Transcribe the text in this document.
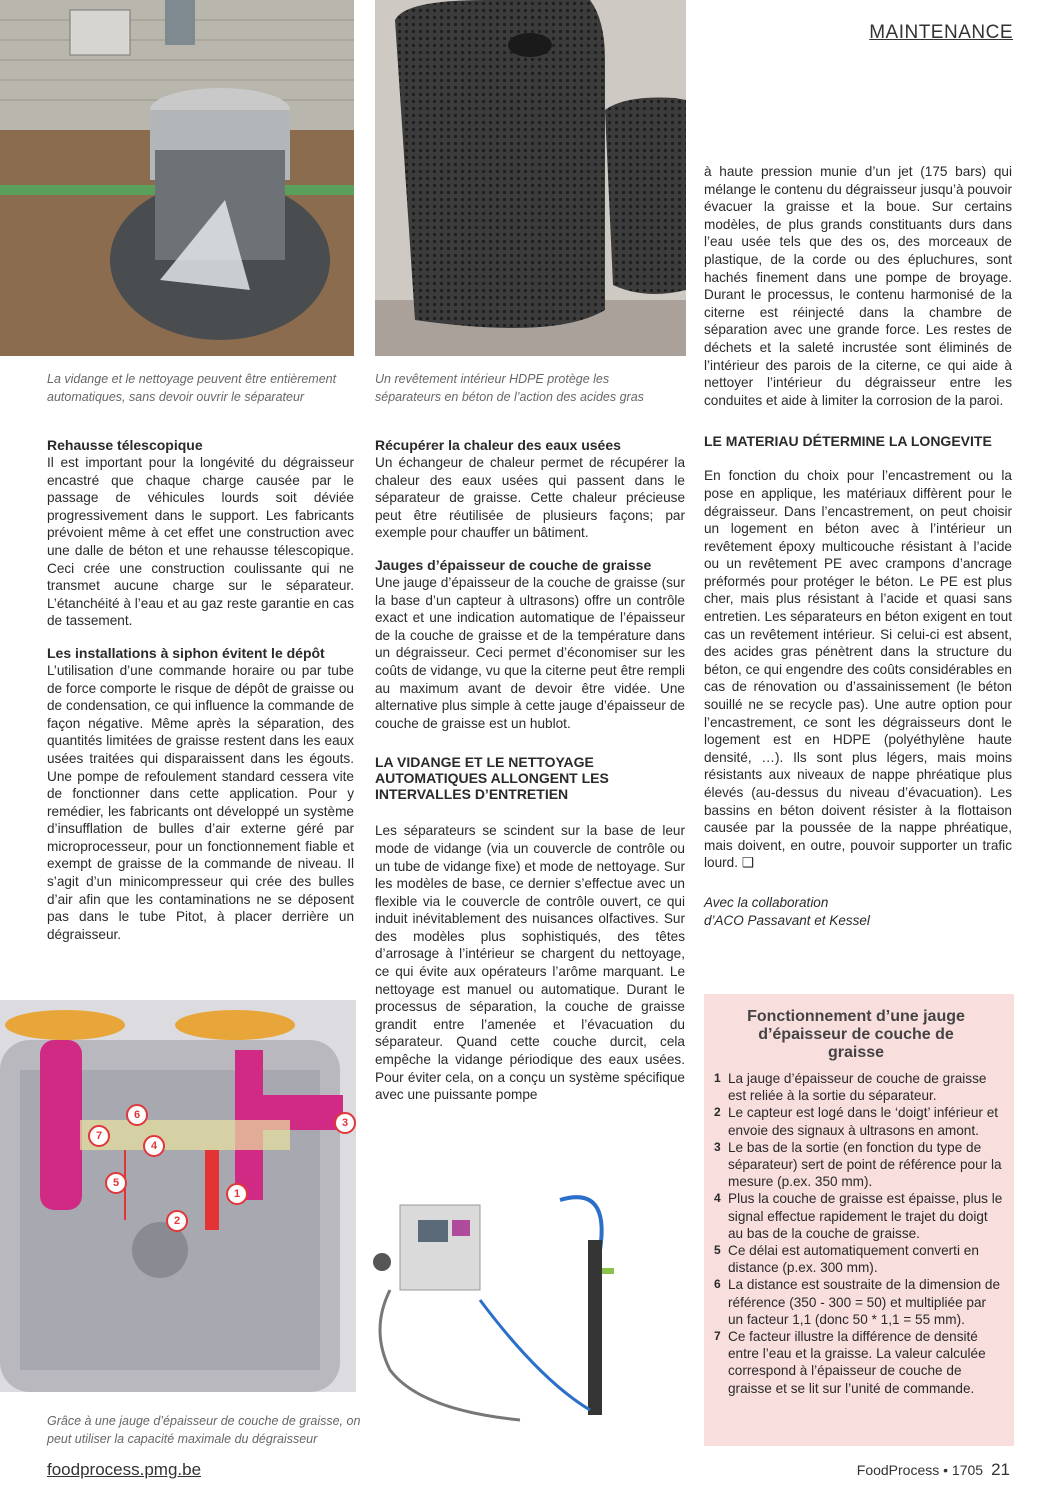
MAINTENANCE
La vidange et le nettoyage peuvent être entièrement automatiques, sans devoir ouvrir le séparateur
Un revêtement intérieur HDPE protège les séparateurs en béton de l’action des acides gras
Rehausse télescopique

Il est important pour la longévité du dégraisseur encastré que chaque charge causée par le passage de véhicules lourds soit déviée progressivement dans le support. Les fabricants prévoient même à cet effet une construction avec une dalle de béton et une rehausse télescopique. Ceci crée une construction coulissante qui ne transmet aucune charge sur le séparateur. L’étanchéité à l’eau et au gaz reste garantie en cas de tassement.

Les installations à siphon évitent le dépôt

L’utilisation d’une commande horaire ou par tube de force comporte le risque de dépôt de graisse ou de condensation, ce qui influence la commande de façon négative. Même après la séparation, des quantités limitées de graisse restent dans les eaux usées traitées qui disparaissent dans les égouts. Une pompe de refoulement standard cessera vite de fonctionner dans cette application. Pour y remédier, les fabricants ont développé un système d’insufflation de bulles d’air externe géré par microprocesseur, pour un fonctionnement fiable et exempt de graisse de la commande de niveau. Il s’agit d’un minicompresseur qui crée des bulles d’air afin que les contaminations ne se déposent pas dans le tube Pitot, à placer derrière un dégraisseur.

Récupérer la chaleur des eaux usées

Un échangeur de chaleur permet de récupérer la chaleur des eaux usées qui passent dans le séparateur de graisse. Cette chaleur précieuse peut être réutilisée de plusieurs façons; par exemple pour chauffer un bâtiment.

Jauges d’épaisseur de couche de graisse

Une jauge d’épaisseur de la couche de graisse (sur la base d’un capteur à ultrasons) offre un contrôle exact et une indication automatique de l’épaisseur de la couche de graisse et de la température dans un dégraisseur. Ceci permet d’économiser sur les coûts de vidange, vu que la citerne peut être rempli au maximum avant de devoir être vidée. Une alternative plus simple à cette jauge d’épaisseur de couche de graisse est un hublot.

LA VIDANGE ET LE NETTOYAGE AUTOMATIQUES ALLONGENT LES INTERVALLES D’ENTRETIEN

Les séparateurs se scindent sur la base de leur mode de vidange (via un couvercle de contrôle ou un tube de vidange fixe) et mode de nettoyage. Sur les modèles de base, ce dernier s’effectue avec un flexible via le couvercle de contrôle ouvert, ce qui induit inévitablement des nuisances olfactives. Sur des modèles plus sophistiqués, des têtes d’arrosage à l’intérieur se chargent du nettoyage, ce qui évite aux opérateurs l’arôme marquant. Le nettoyage est manuel ou automatique. Durant le processus de séparation, la couche de graisse grandit entre l’amenée et l’évacuation du séparateur. Quand cette couche durcit, cela empêche la vidange périodique des eaux usées. Pour éviter cela, on a conçu un système spécifique avec une puissante pompe

à haute pression munie d’un jet (175 bars) qui mélange le contenu du dégraisseur jusqu’à pouvoir évacuer la graisse et la boue. Sur certains modèles, de plus grands constituants durs dans l’eau usée tels que des os, des morceaux de plastique, de la corde ou des épluchures, sont hachés finement dans une pompe de broyage. Durant le processus, le contenu harmonisé de la citerne est réinjecté dans la chambre de séparation avec une grande force. Les restes de déchets et la saleté incrustée sont éliminés de l’intérieur des parois de la citerne, ce qui aide à nettoyer l’intérieur du dégraisseur entre les conduites et aide à limiter la corrosion de la paroi.

LE MATERIAU DÉTERMINE LA LONGEVITE

En fonction du choix pour l’encastrement ou la pose en applique, les matériaux diffèrent pour le dégraisseur. Dans l’encastrement, on peut choisir un logement en béton avec à l’intérieur un revêtement époxy multicouche résistant à l’acide ou un revêtement PE avec crampons d’ancrage préformés pour protéger le béton. Le PE est plus cher, mais plus résistant à l’acide et quasi sans entretien. Les séparateurs en béton exigent en tout cas un revêtement intérieur. Si celui-ci est absent, des acides gras pénètrent dans la structure du béton, ce qui engendre des coûts considérables en cas de rénovation ou d’assainissement (le béton souillé ne se recycle pas). Une autre option pour l’encastrement, ce sont les dégraisseurs dont le logement est en HDPE (polyéthylène haute densité, …). Ils sont plus légers, mais moins résistants aux niveaux de nappe phréatique plus élevés (au-dessus du niveau d’évacuation). Les bassins en béton doivent résister à la flottaison causée par la poussée de la nappe phréatique, mais doivent, en outre, pouvoir supporter un trafic lourd. ❑

Avec la collaboration
d’ACO Passavant et Kessel
Fonctionnement d’une jauge d’épaisseur de couche de graisse
1 La jauge d’épaisseur de couche de graisse est reliée à la sortie du séparateur.
2 Le capteur est logé dans le ‘doigt’ inférieur et envoie des signaux à ultrasons en amont.
3 Le bas de la sortie (en fonction du type de séparateur) sert de point de référence pour la mesure (p.ex. 350 mm).
4 Plus la couche de graisse est épaisse, plus le signal effectue rapidement le trajet du doigt au bas de la couche de graisse.
5 Ce délai est automatiquement converti en distance (p.ex. 300 mm).
6 La distance est soustraite de la dimension de référence (350 - 300 = 50) et multipliée par un facteur 1,1 (donc 50 * 1,1 = 55 mm).
7 Ce facteur illustre la différence de densité entre l’eau et la graisse. La valeur calculée correspond à l’épaisseur de couche de graisse et se lit sur l’unité de commande.
1
2
3
4
5
6
7
Grâce à une jauge d’épaisseur de couche de graisse, on peut utiliser la capacité maximale du dégraisseur
foodprocess.pmg.be	FoodProcess • 1705 21
